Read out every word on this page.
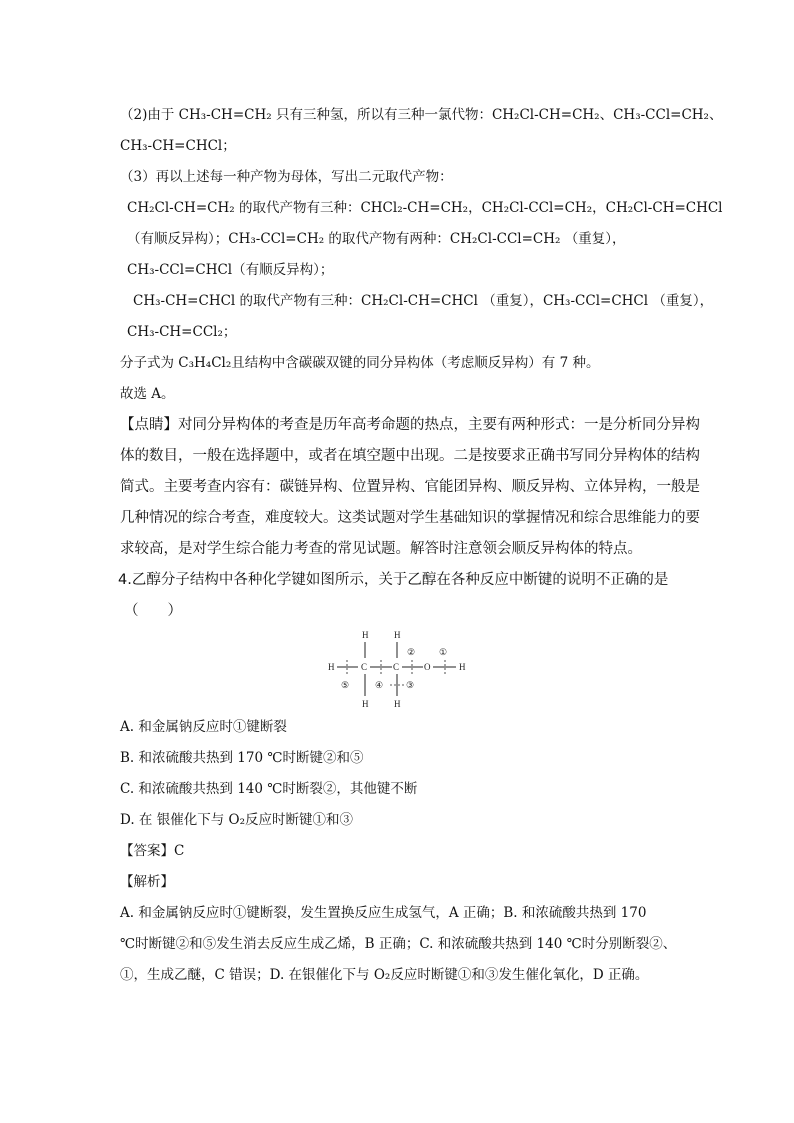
（2)由于 CH₃-CH=CH₂ 只有三种氢，所以有三种一氯代物：CH₂Cl-CH=CH₂、CH₃-CCl=CH₂、
CH₃-CH=CHCl；
（3）再以上述每一种产物为母体，写出二元取代产物：
CH₂Cl-CH=CH₂ 的取代产物有三种：CHCl₂-CH=CH₂，CH₂Cl-CCl=CH₂，CH₂Cl-CH=CHCl
（有顺反异构）；CH₃-CCl=CH₂ 的取代产物有两种：CH₂Cl-CCl=CH₂ （重复），
CH₃-CCl=CHCl（有顺反异构）；
CH₃-CH=CHCl 的取代产物有三种：CH₂Cl-CH=CHCl （重复），CH₃-CCl=CHCl （重复），
CH₃-CH=CCl₂；
分子式为 C₃H₄Cl₂且结构中含碳碳双键的同分异构体（考虑顺反异构）有 7 种。
故选 A。
【点睛】对同分异构体的考查是历年高考命题的热点，主要有两种形式：一是分析同分异构
体的数目，一般在选择题中，或者在填空题中出现。二是按要求正确书写同分异构体的结构
简式。主要考查内容有：碳链异构、位置异构、官能团异构、顺反异构、立体异构，一般是
几种情况的综合考查，难度较大。这类试题对学生基础知识的掌握情况和综合思维能力的要
求较高，是对学生综合能力考查的常见试题。解答时注意领会顺反异构体的特点。
4.乙醇分子结构中各种化学键如图所示，关于乙醇在各种反应中断键的说明不正确的是
（　　）
A. 和金属钠反应时①键断裂
B. 和浓硫酸共热到 170 ℃时断键②和⑤
C. 和浓硫酸共热到 140 ℃时断裂②，其他键不断
D. 在 银催化下与 O₂反应时断键①和③
【答案】C
【解析】
A. 和金属钠反应时①键断裂，发生置换反应生成氢气，A 正确；B. 和浓硫酸共热到 170
℃时断键②和⑤发生消去反应生成乙烯，B 正确；C. 和浓硫酸共热到 140 ℃时分别断裂②、
①，生成乙醚，C 错误；D. 在银催化下与 O₂反应时断键①和③发生催化氧化，D 正确。
H	H
H	C	C	O	H
②	①
⑤	④	③
H	H
